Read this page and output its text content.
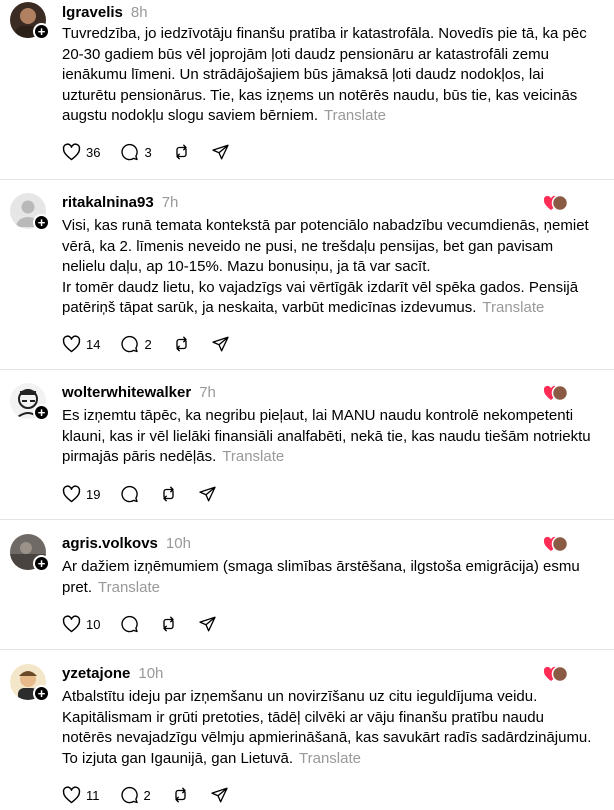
+
lgravelis 8h
Tuvredzība, jo iedzīvotāju finanšu pratība ir katastrofāla. Novedīs pie tā, ka pēc 20-30 gadiem būs vēl joprojām ļoti daudz pensionāru ar katastrofāli zemu ienākumu līmeni. Un strādājošajiem būs jāmaksā ļoti daudz nodokļos, lai uzturētu pensionārus. Tie, kas izņems un notērēs naudu, būs tie, kas veicinās augstu nodokļu slogu saviem bērniem. Translate
36	3
+
ritakalnina93 7h
Visi, kas runā temata kontekstā par potenciālo nabadzību vecumdienās, ņemiet vērā, ka 2. līmenis neveido ne pusi, ne trešdaļu pensijas, bet gan pavisam nelielu daļu, ap 10-15%. Mazu bonusiņu, ja tā var sacīt.
Ir tomēr daudz lietu, ko vajadzīgs vai vērtīgāk izdarīt vēl spēka gados. Pensijā patēriņš tāpat sarūk, ja neskaita, varbūt medicīnas izdevumus. Translate
14	2
+
wolterwhitewalker 7h
Es izņemtu tāpēc, ka negribu pieļaut, lai MANU naudu kontrolē nekompetenti klauni, kas ir vēl lielāki finansiāli analfabēti, nekā tie, kas naudu tiešām notriektu pirmajās pāris nedēļās. Translate
19
+
agris.volkovs 10h
Ar dažiem izņēmumiem (smaga slimības ārstēšana, ilgstoša emigrācija) esmu pret. Translate
10
+
yzetajone 10h
Atbalstītu ideju par izņemšanu un novirzīšanu uz citu ieguldījuma veidu. Kapitālismam ir grūti pretoties, tādēļ cilvēki ar vāju finanšu pratību naudu notērēs nevajadzīgu vēlmju apmierināšanā, kas savukārt radīs sadārdzinājumu. To izjuta gan Igaunijā, gan Lietuvā. Translate
11	2
